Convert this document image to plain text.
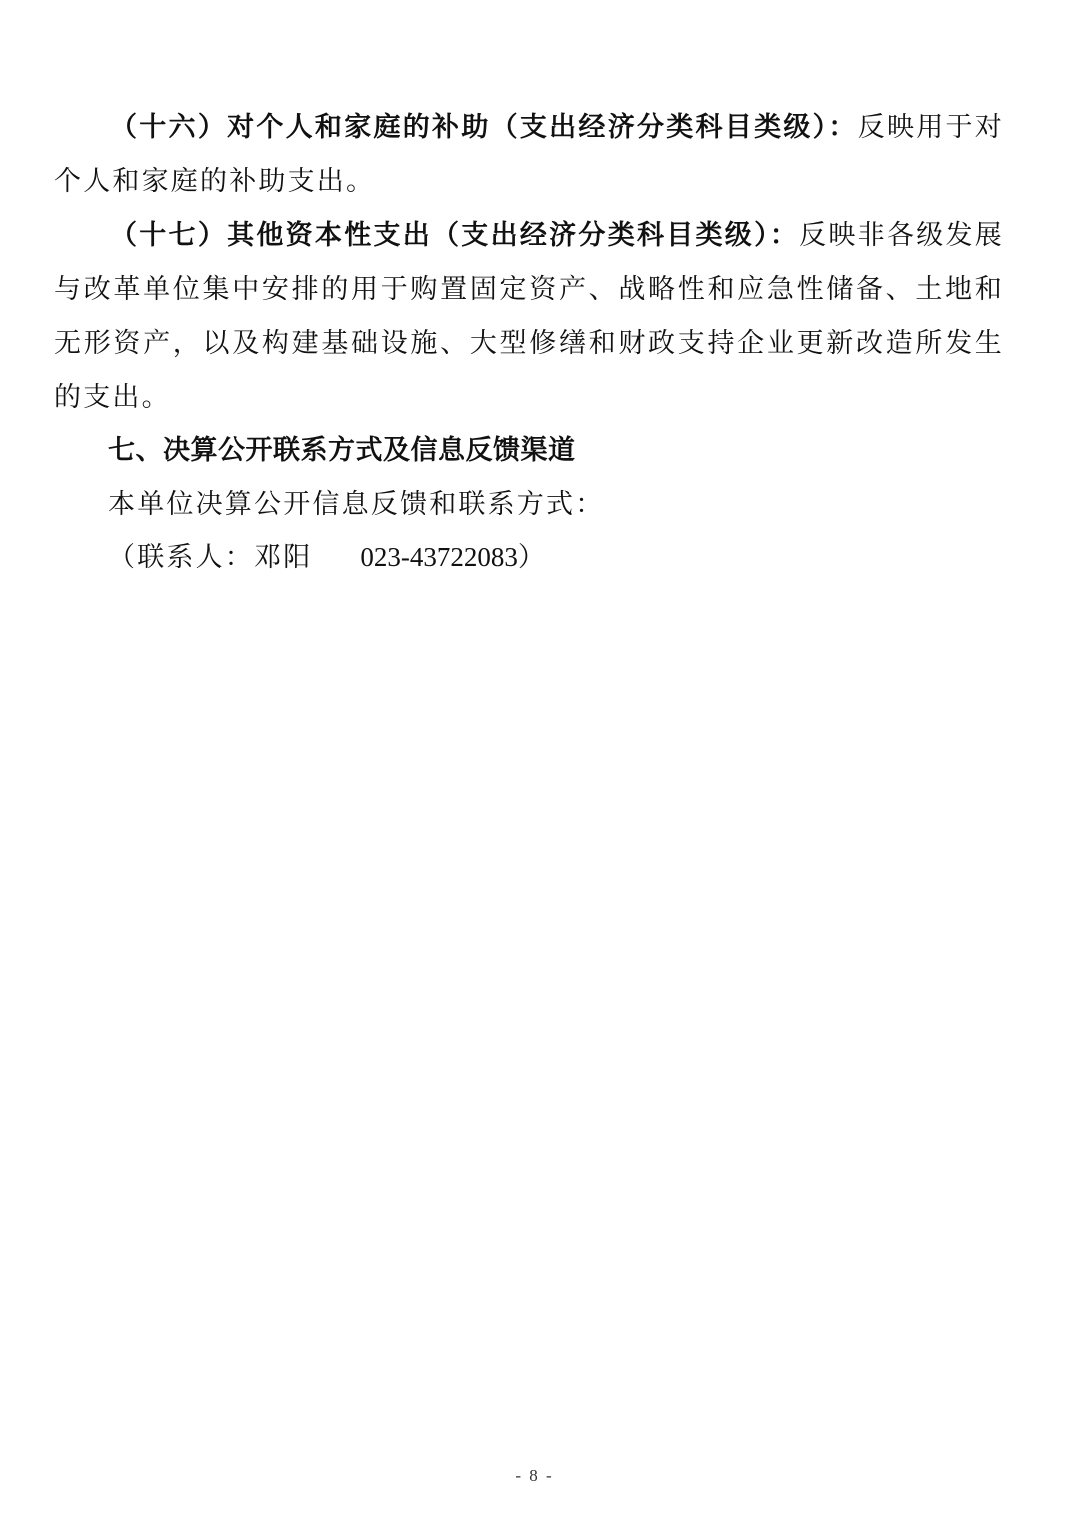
（十六）对个人和家庭的补助（支出经济分类科目类级）：反映用于对个人和家庭的补助支出。

（十七）其他资本性支出（支出经济分类科目类级）：反映非各级发展与改革单位集中安排的用于购置固定资产、战略性和应急性储备、土地和无形资产，以及构建基础设施、大型修缮和财政支持企业更新改造所发生的支出。

七、决算公开联系方式及信息反馈渠道

本单位决算公开信息反馈和联系方式：

（联系人：邓阳 023-43722083）

- 8 -
